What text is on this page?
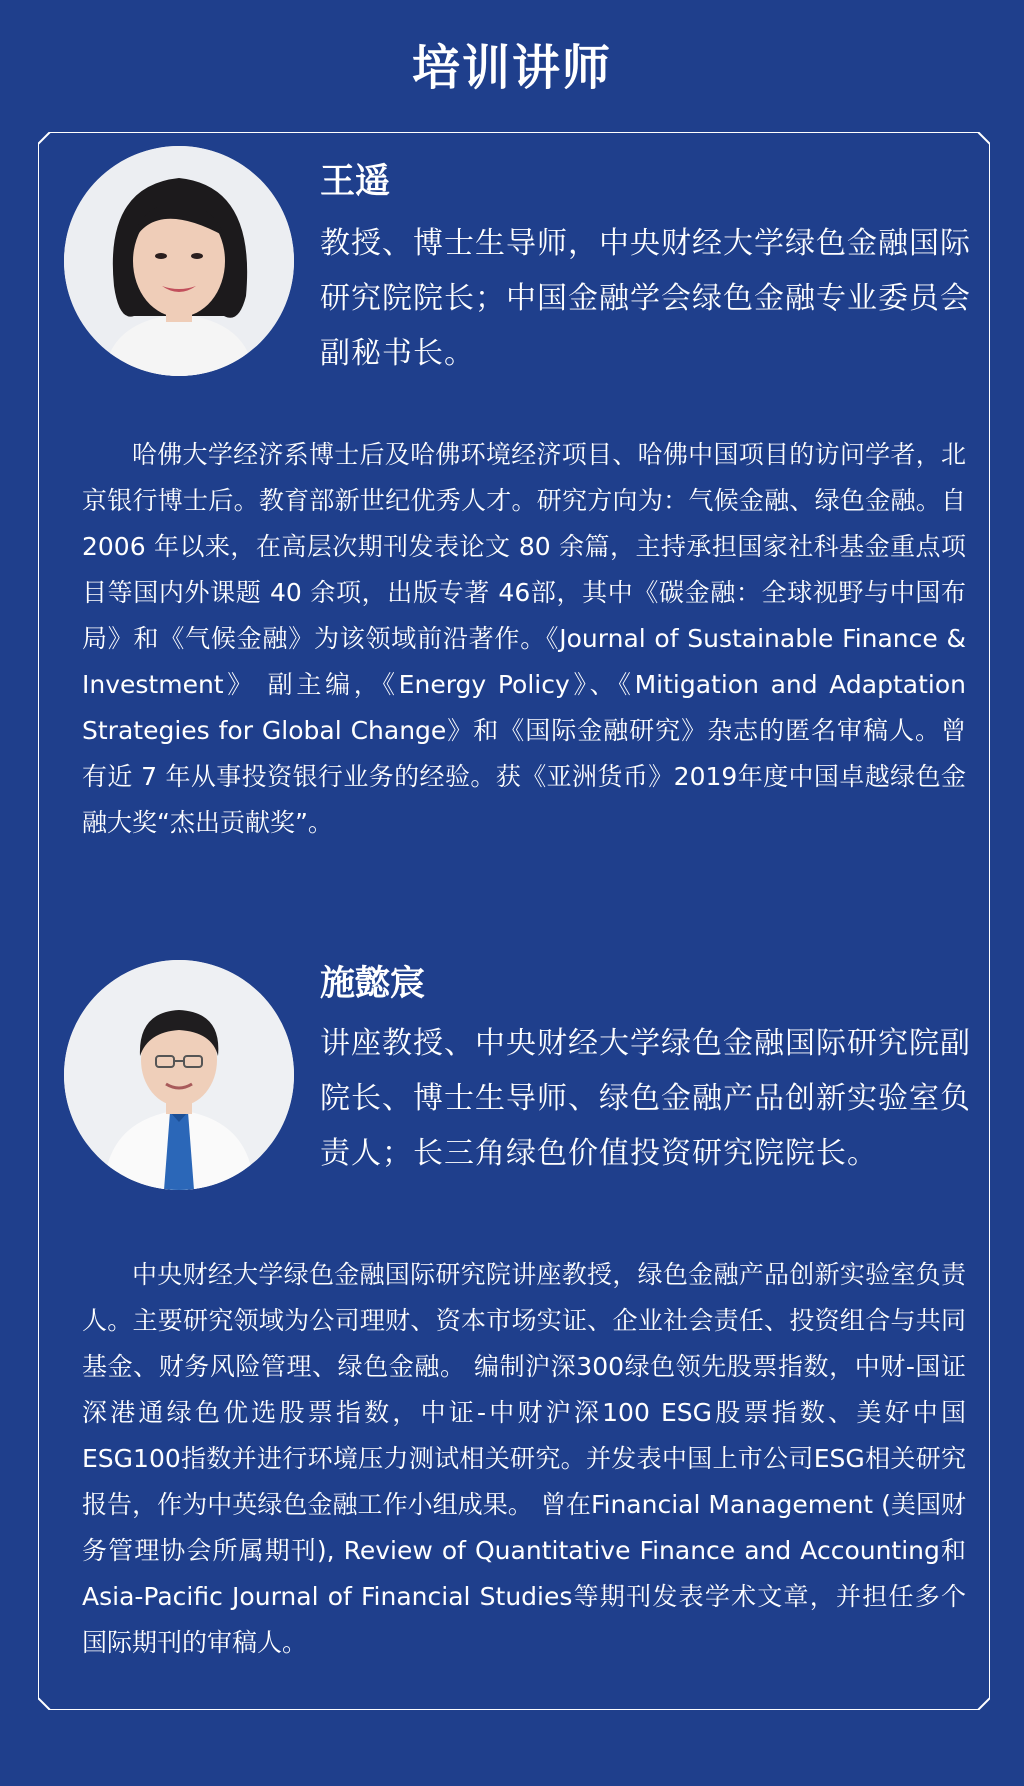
培训讲师
王遥
教授、博士生导师，中央财经大学绿色金融国际研究院院长；中国金融学会绿色金融专业委员会副秘书长。
哈佛大学经济系博士后及哈佛环境经济项目、哈佛中国项目的访问学者，北京银行博士后。教育部新世纪优秀人才。研究方向为：气候金融、绿色金融。自 2006 年以来，在高层次期刊发表论文 80 余篇，主持承担国家社科基金重点项目等国内外课题 40 余项，出版专著 46部，其中《碳金融：全球视野与中国布局》和《气候金融》为该领域前沿著作。《Journal of Sustainable Finance & Investment》 副主编，《Energy Policy》、《Mitigation and Adaptation Strategies for Global Change》和《国际金融研究》杂志的匿名审稿人。曾有近 7 年从事投资银行业务的经验。获《亚洲货币》2019年度中国卓越绿色金融大奖“杰出贡献奖”。
施懿宸
讲座教授、中央财经大学绿色金融国际研究院副院长、博士生导师、绿色金融产品创新实验室负责人；长三角绿色价值投资研究院院长。
中央财经大学绿色金融国际研究院讲座教授，绿色金融产品创新实验室负责人。主要研究领域为公司理财、资本市场实证、企业社会责任、投资组合与共同基金、财务风险管理、绿色金融。 编制沪深300绿色领先股票指数，中财-国证深港通绿色优选股票指数，中证-中财沪深100 ESG股票指数、美好中国ESG100指数并进行环境压力测试相关研究。并发表中国上市公司ESG相关研究报告，作为中英绿色金融工作小组成果。 曾在Financial Management (美国财务管理协会所属期刊), Review of Quantitative Finance and Accounting和Asia-Pacific Journal of Financial Studies等期刊发表学术文章，并担任多个国际期刊的审稿人。
